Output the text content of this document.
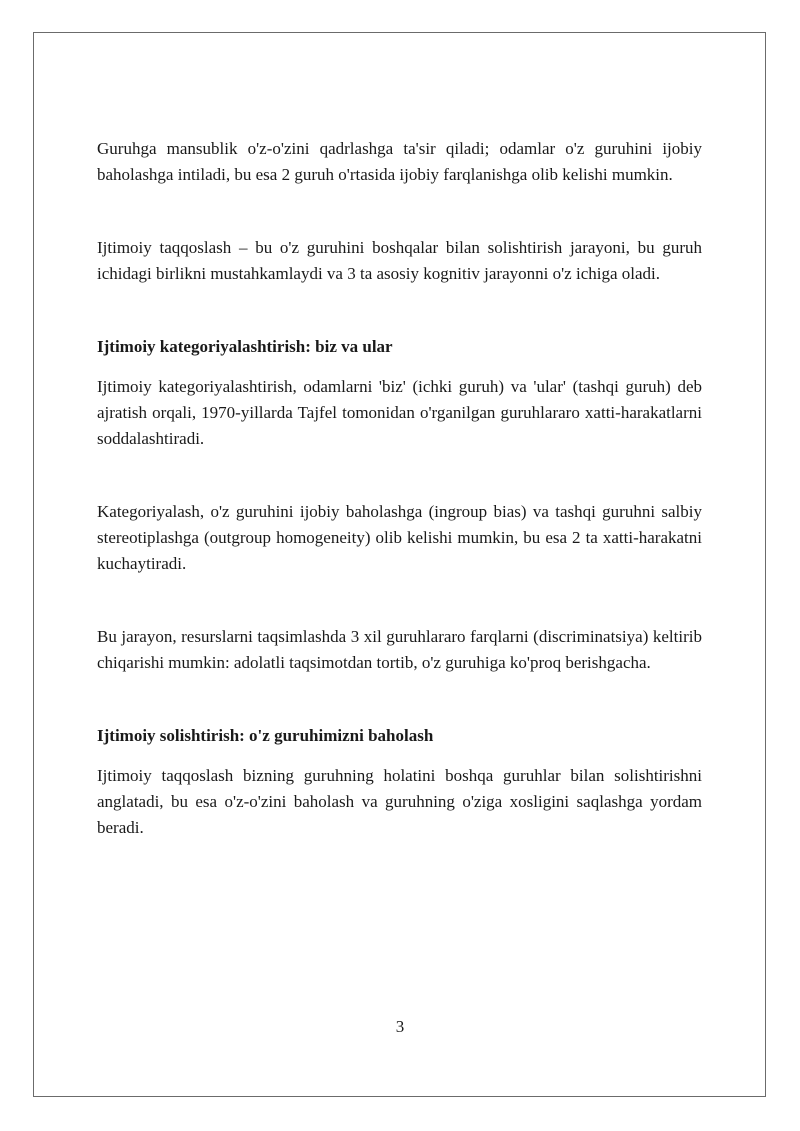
Guruhga mansublik o'z-o'zini qadrlashga ta'sir qiladi; odamlar o'z guruhini ijobiy baholashga intiladi, bu esa 2 guruh o'rtasida ijobiy farqlanishga olib kelishi mumkin.

Ijtimoiy taqqoslash – bu o'z guruhini boshqalar bilan solishtirish jarayoni, bu guruh ichidagi birlikni mustahkamlaydi va 3 ta asosiy kognitiv jarayonni o'z ichiga oladi.

Ijtimoiy kategoriyalashtirish: biz va ular

Ijtimoiy kategoriyalashtirish, odamlarni 'biz' (ichki guruh) va 'ular' (tashqi guruh) deb ajratish orqali, 1970-yillarda Tajfel tomonidan o'rganilgan guruhlararo xatti-harakatlarni soddalashtiradi.

Kategoriyalash, o'z guruhini ijobiy baholashga (ingroup bias) va tashqi guruhni salbiy stereotiplashga (outgroup homogeneity) olib kelishi mumkin, bu esa 2 ta xatti-harakatni kuchaytiradi.

Bu jarayon, resurslarni taqsimlashda 3 xil guruhlararo farqlarni (discriminatsiya) keltirib chiqarishi mumkin: adolatli taqsimotdan tortib, o'z guruhiga ko'proq berishgacha.

Ijtimoiy solishtirish: o'z guruhimizni baholash

Ijtimoiy taqqoslash bizning guruhning holatini boshqa guruhlar bilan solishtirishni anglatadi, bu esa o'z-o'zini baholash va guruhning o'ziga xosligini saqlashga yordam beradi.

3
